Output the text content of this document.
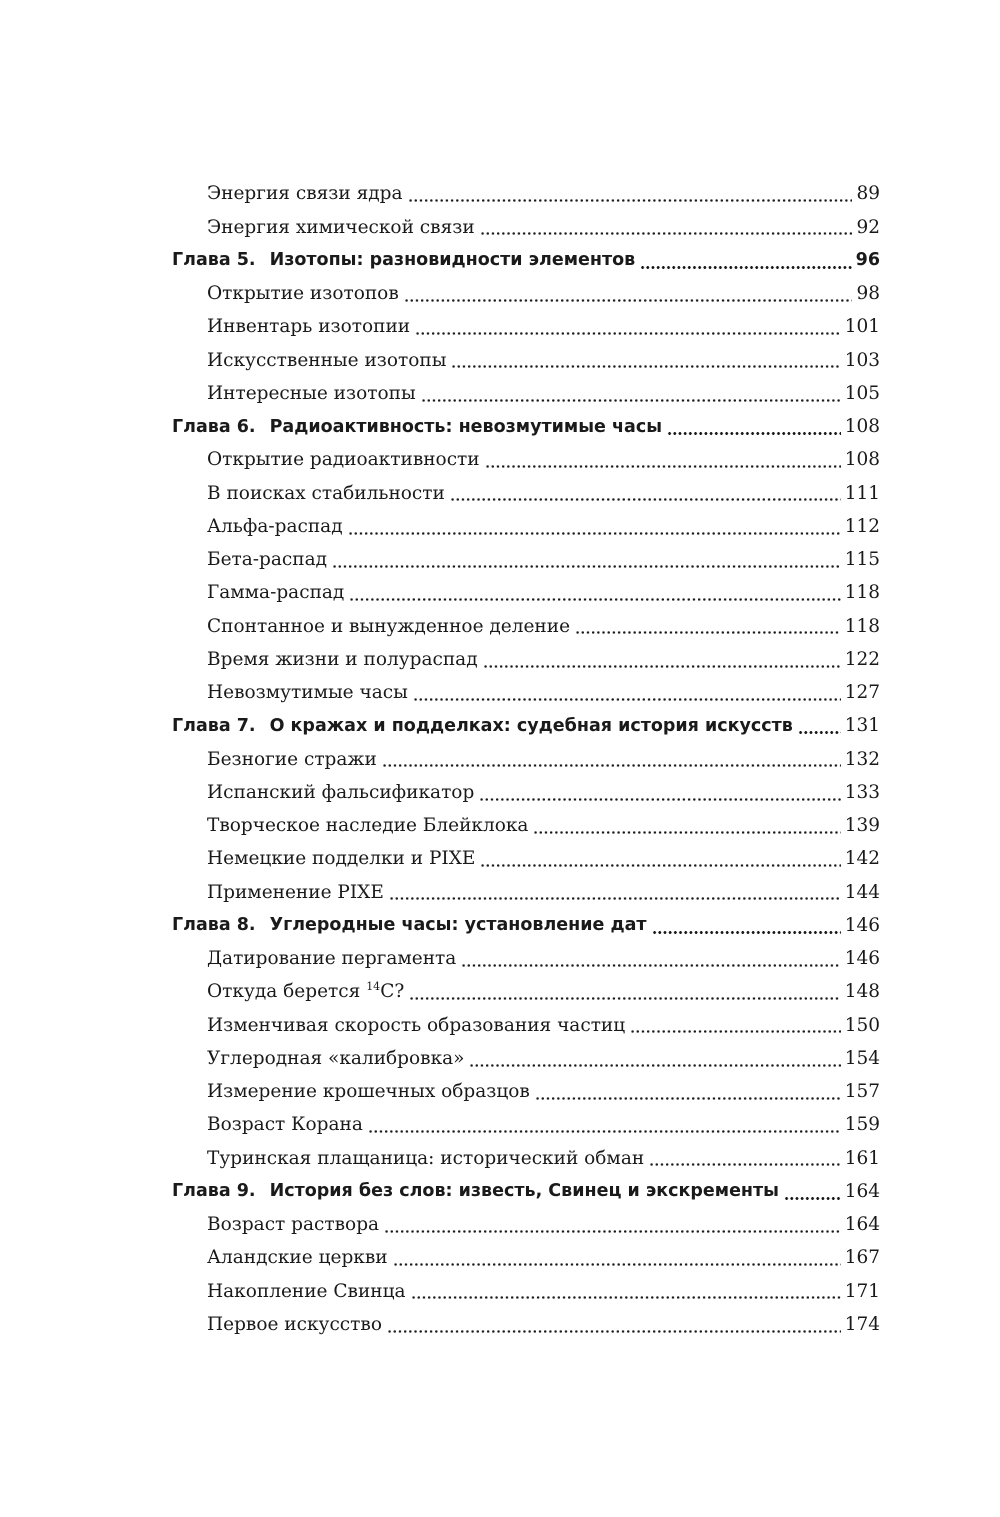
Энергия связи ядра	89
Энергия химической связи	92
Глава 5. Изотопы: разновидности элементов	96
Открытие изотопов	98
Инвентарь изотопии	101
Искусственные изотопы	103
Интересные изотопы	105
Глава 6. Радиоактивность: невозмутимые часы	108
Открытие радиоактивности	108
В поисках стабильности	111
Альфа-распад	112
Бета-распад	115
Гамма-распад	118
Спонтанное и вынужденное деление	118
Время жизни и полураспад	122
Невозмутимые часы	127
Глава 7. О кражах и подделках: судебная история искусств	131
Безногие стражи	132
Испанский фальсификатор	133
Творческое наследие Блейклока	139
Немецкие подделки и PIXE	142
Применение PIXE	144
Глава 8. Углеродные часы: установление дат	146
Датирование пергамента	146
Откуда берется $^{14}$C?	148
Изменчивая скорость образования частиц	150
Углеродная «калибровка»	154
Измерение крошечных образцов	157
Возраст Корана	159
Туринская плащаница: исторический обман	161
Глава 9. История без слов: известь, Свинец и экскременты	164
Возраст раствора	164
Аландские церкви	167
Накопление Свинца	171
Первое искусство	174
